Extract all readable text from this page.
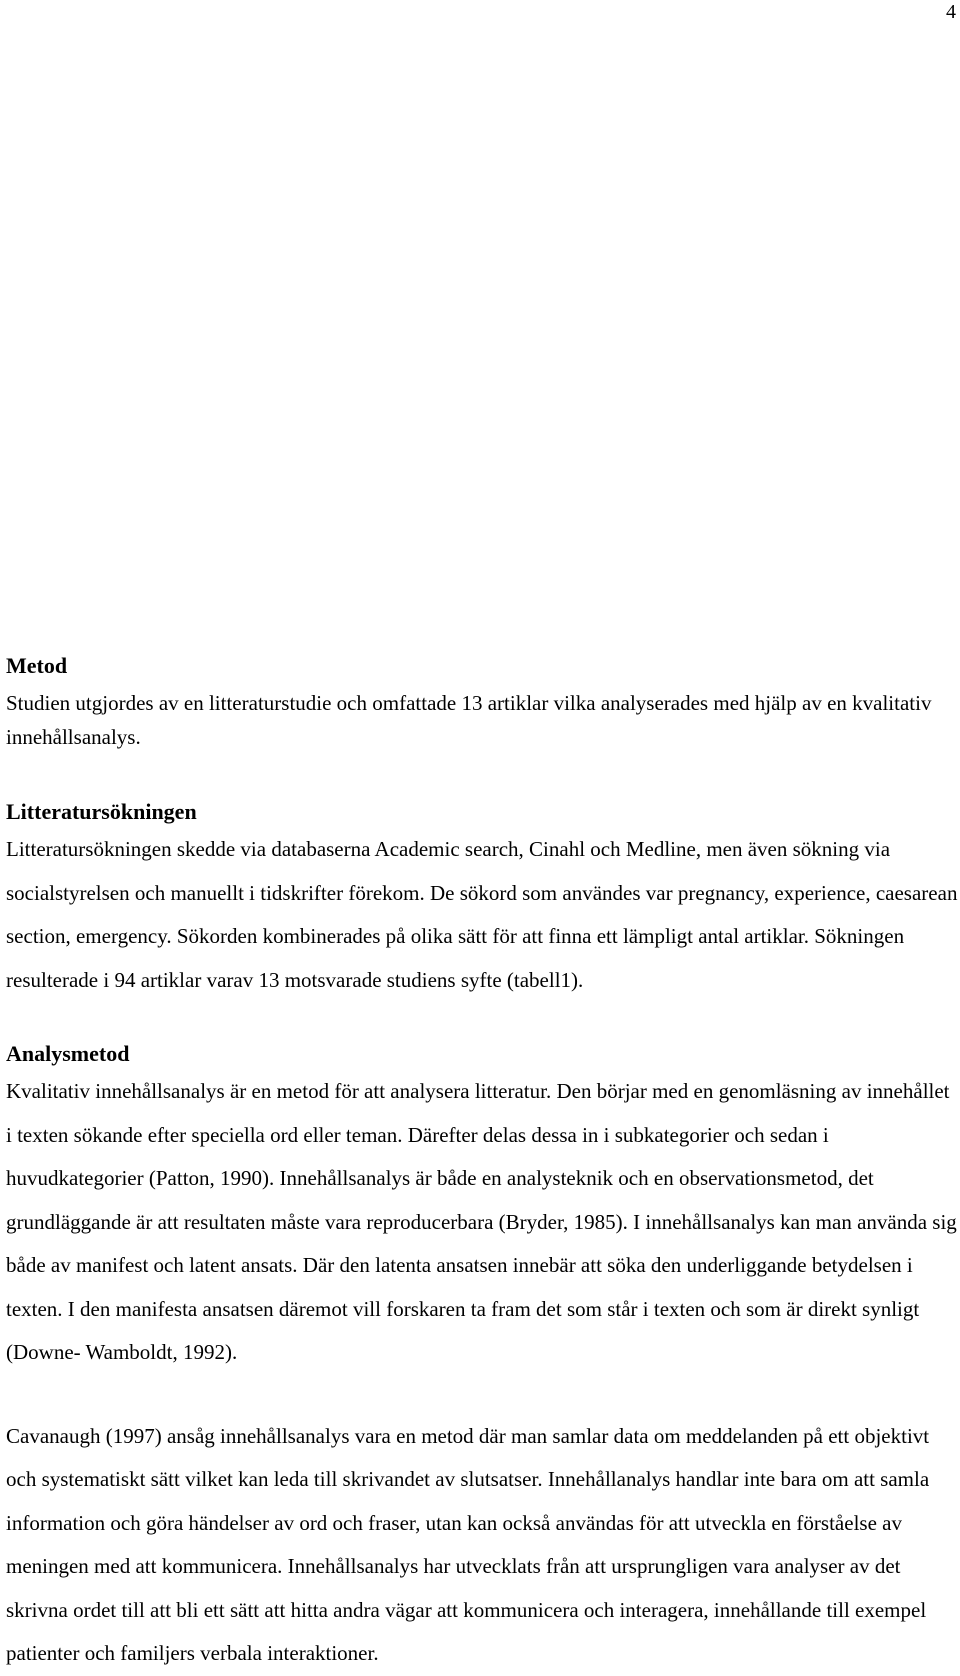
4
Metod

Studien utgjordes av en litteraturstudie och omfattade 13 artiklar vilka analyserades med hjälp av en kvalitativ innehållsanalys.

Litteratursökningen

Litteratursökningen skedde via databaserna Academic search, Cinahl och Medline, men även sökning via socialstyrelsen och manuellt i tidskrifter förekom. De sökord som användes var pregnancy, experience, caesarean section, emergency. Sökorden kombinerades på olika sätt för att finna ett lämpligt antal artiklar. Sökningen resulterade i 94 artiklar varav 13 motsvarade studiens syfte (tabell1).

Analysmetod

Kvalitativ innehållsanalys är en metod för att analysera litteratur. Den börjar med en genomläsning av innehållet i texten sökande efter speciella ord eller teman. Därefter delas dessa in i subkategorier och sedan i huvudkategorier (Patton, 1990). Innehållsanalys är både en analysteknik och en observationsmetod, det grundläggande är att resultaten måste vara reproducerbara (Bryder, 1985). I innehållsanalys kan man använda sig både av manifest och latent ansats. Där den latenta ansatsen innebär att söka den underliggande betydelsen i texten. I den manifesta ansatsen däremot vill forskaren ta fram det som står i texten och som är direkt synligt (Downe- Wamboldt, 1992).

Cavanaugh (1997) ansåg innehållsanalys vara en metod där man samlar data om meddelanden på ett objektivt och systematiskt sätt vilket kan leda till skrivandet av slutsatser. Innehållanalys handlar inte bara om att samla information och göra händelser av ord och fraser, utan kan också användas för att utveckla en förståelse av meningen med att kommunicera. Innehållsanalys har utvecklats från att ursprungligen vara analyser av det skrivna ordet till att bli ett sätt att hitta andra vägar att kommunicera och interagera, innehållande till exempel patienter och familjers verbala interaktioner.
